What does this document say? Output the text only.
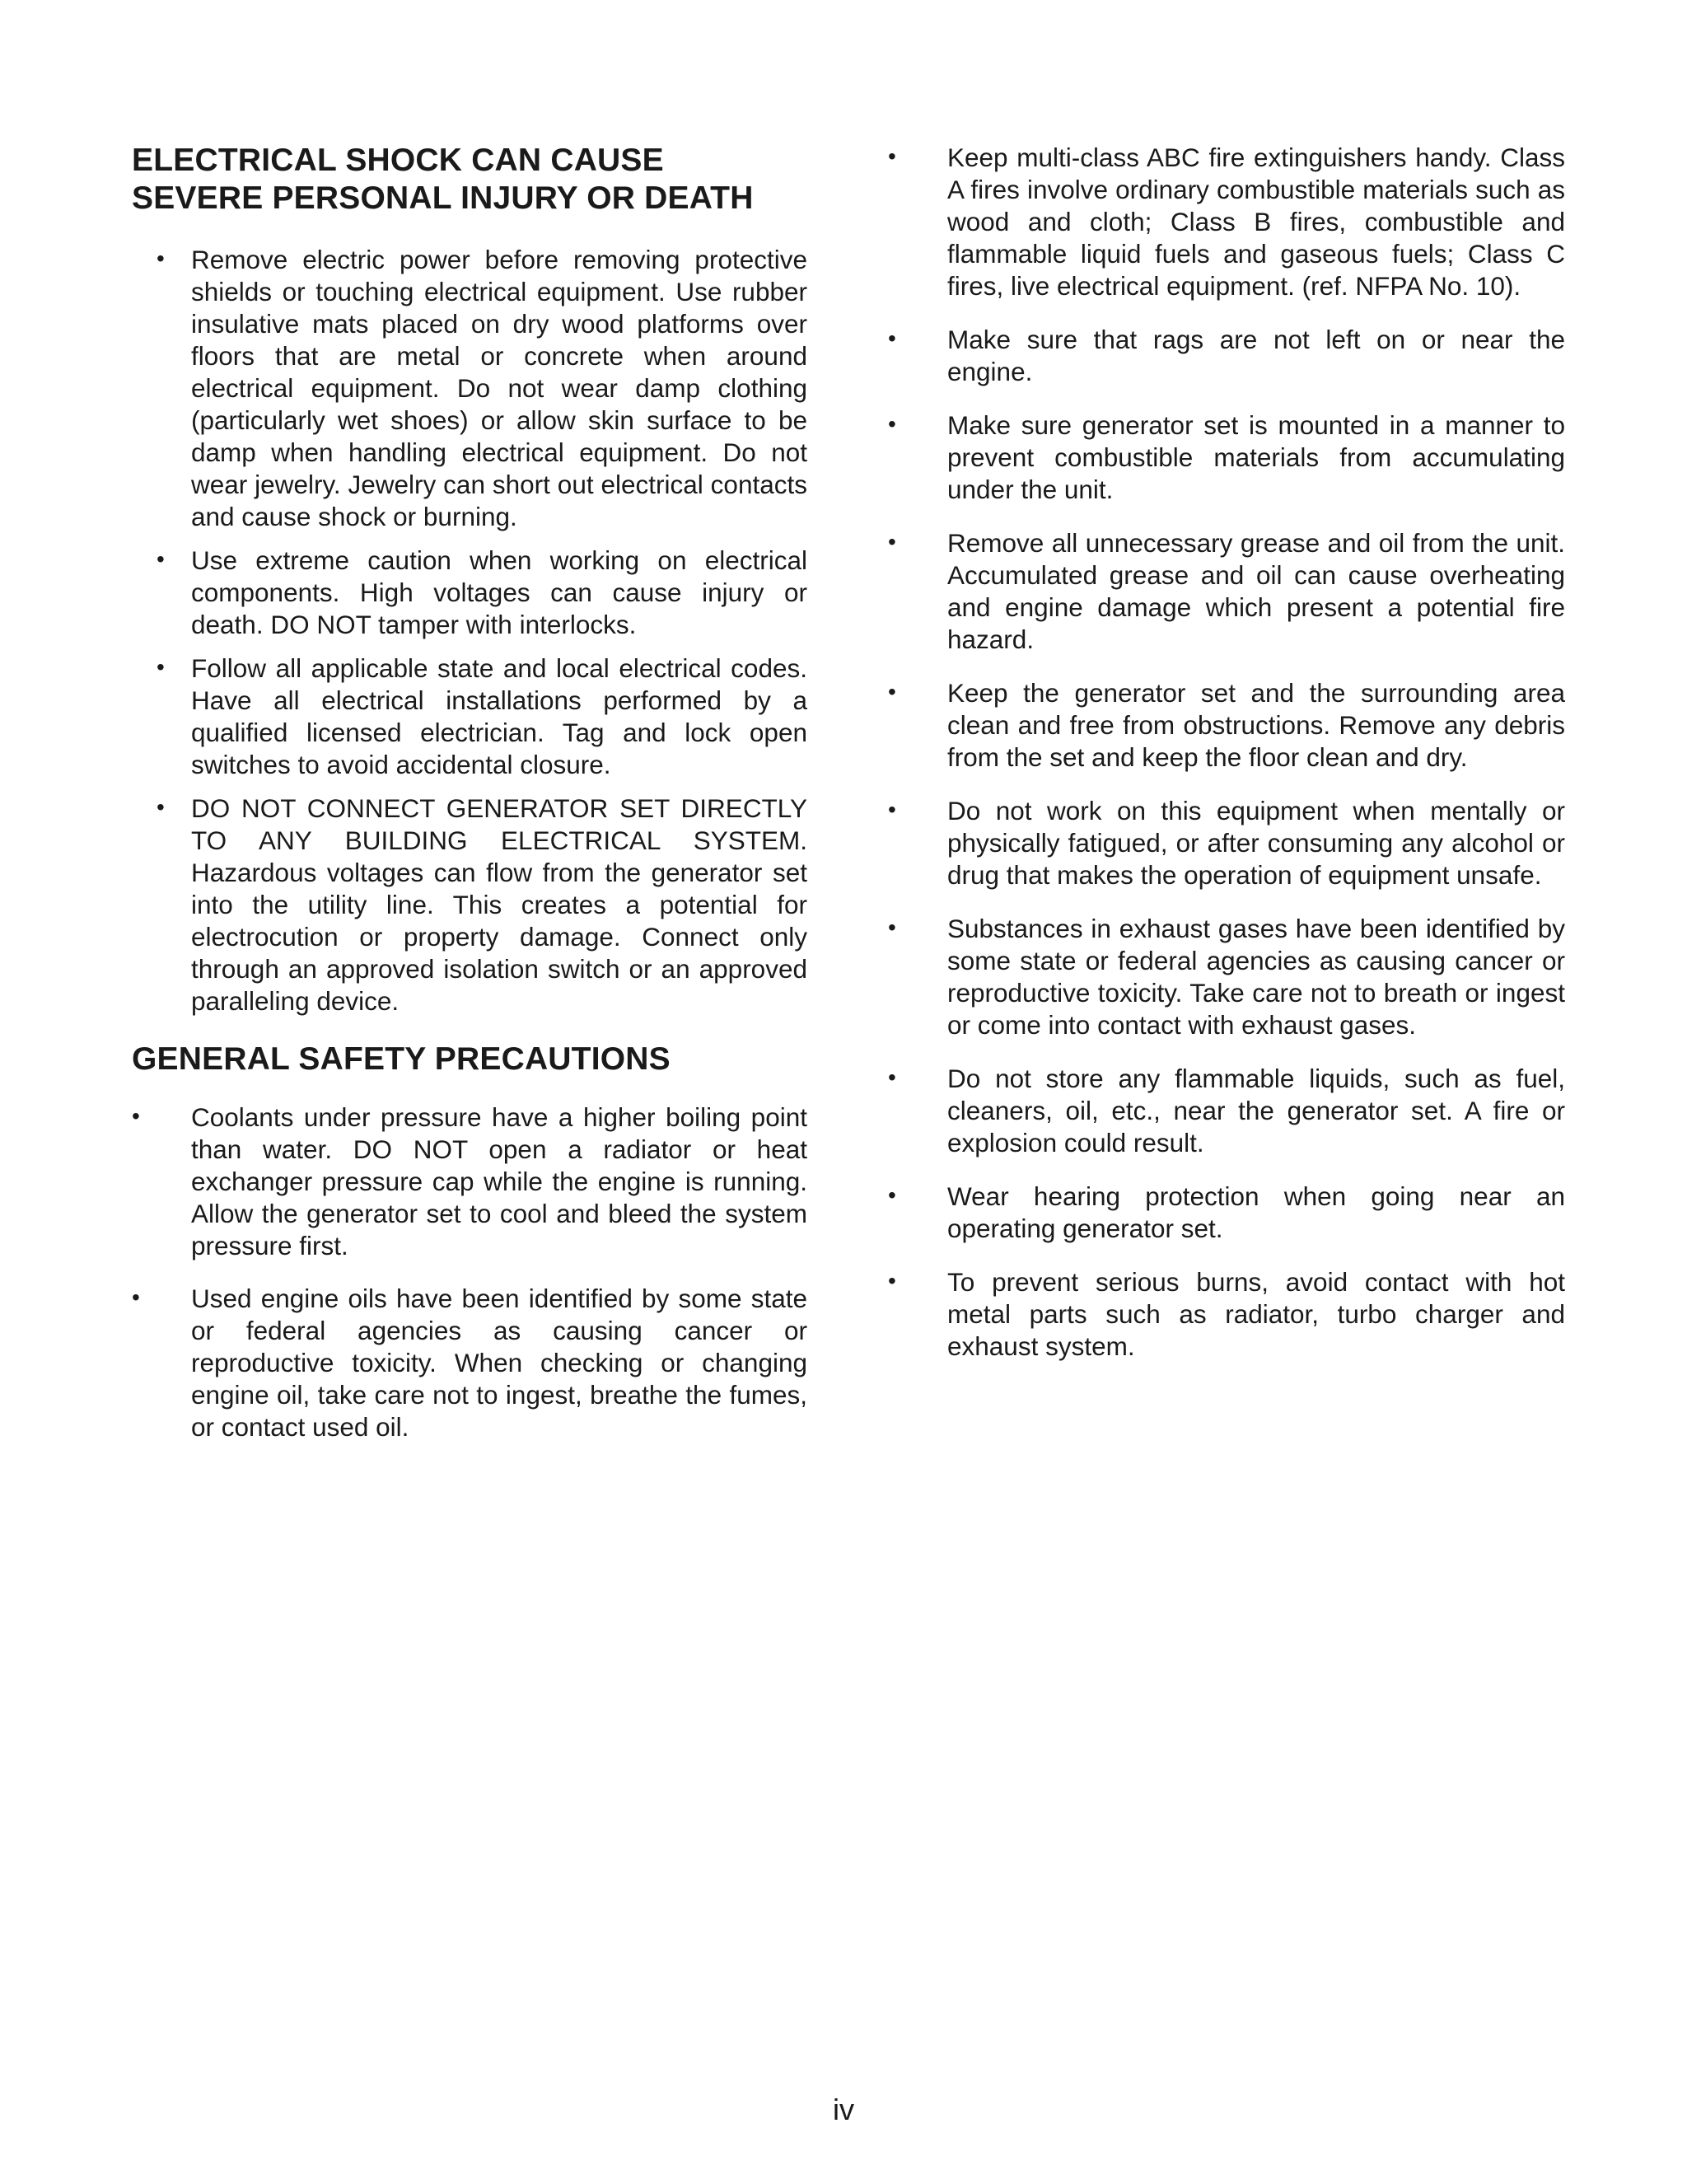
ELECTRICAL SHOCK CAN CAUSE
SEVERE PERSONAL INJURY OR DEATH
• Remove electric power before removing protective shields or touching electrical equipment. Use rubber insulative mats placed on dry wood platforms over floors that are metal or concrete when around electrical equipment. Do not wear damp clothing (particularly wet shoes) or allow skin surface to be damp when handling electrical equipment. Do not wear jewelry. Jewelry can short out electrical contacts and cause shock or burning.
• Use extreme caution when working on electrical components. High voltages can cause injury or death. DO NOT tamper with interlocks.
• Follow all applicable state and local electrical codes. Have all electrical installations performed by a qualified licensed electrician. Tag and lock open switches to avoid accidental closure.
• DO NOT CONNECT GENERATOR SET DIRECTLY TO ANY BUILDING ELECTRICAL SYSTEM. Hazardous voltages can flow from the generator set into the utility line. This creates a potential for electrocution or property damage. Connect only through an approved isolation switch or an approved paralleling device.
GENERAL SAFETY PRECAUTIONS
• Coolants under pressure have a higher boiling point than water. DO NOT open a radiator or heat exchanger pressure cap while the engine is running. Allow the generator set to cool and bleed the system pressure first.
• Used engine oils have been identified by some state or federal agencies as causing cancer or reproductive toxicity. When checking or changing engine oil, take care not to ingest, breathe the fumes, or contact used oil.
• Keep multi-class ABC fire extinguishers handy. Class A fires involve ordinary combustible materials such as wood and cloth; Class B fires, combustible and flammable liquid fuels and gaseous fuels; Class C fires, live electrical equipment. (ref. NFPA No. 10).
• Make sure that rags are not left on or near the engine.
• Make sure generator set is mounted in a manner to prevent combustible materials from accumulating under the unit.
• Remove all unnecessary grease and oil from the unit. Accumulated grease and oil can cause overheating and engine damage which present a potential fire hazard.
• Keep the generator set and the surrounding area clean and free from obstructions. Remove any debris from the set and keep the floor clean and dry.
• Do not work on this equipment when mentally or physically fatigued, or after consuming any alcohol or drug that makes the operation of equipment unsafe.
• Substances in exhaust gases have been identified by some state or federal agencies as causing cancer or reproductive toxicity. Take care not to breath or ingest or come into contact with exhaust gases.
• Do not store any flammable liquids, such as fuel, cleaners, oil, etc., near the generator set. A fire or explosion could result.
• Wear hearing protection when going near an operating generator set.
• To prevent serious burns, avoid contact with hot metal parts such as radiator, turbo charger and exhaust system.
iv
